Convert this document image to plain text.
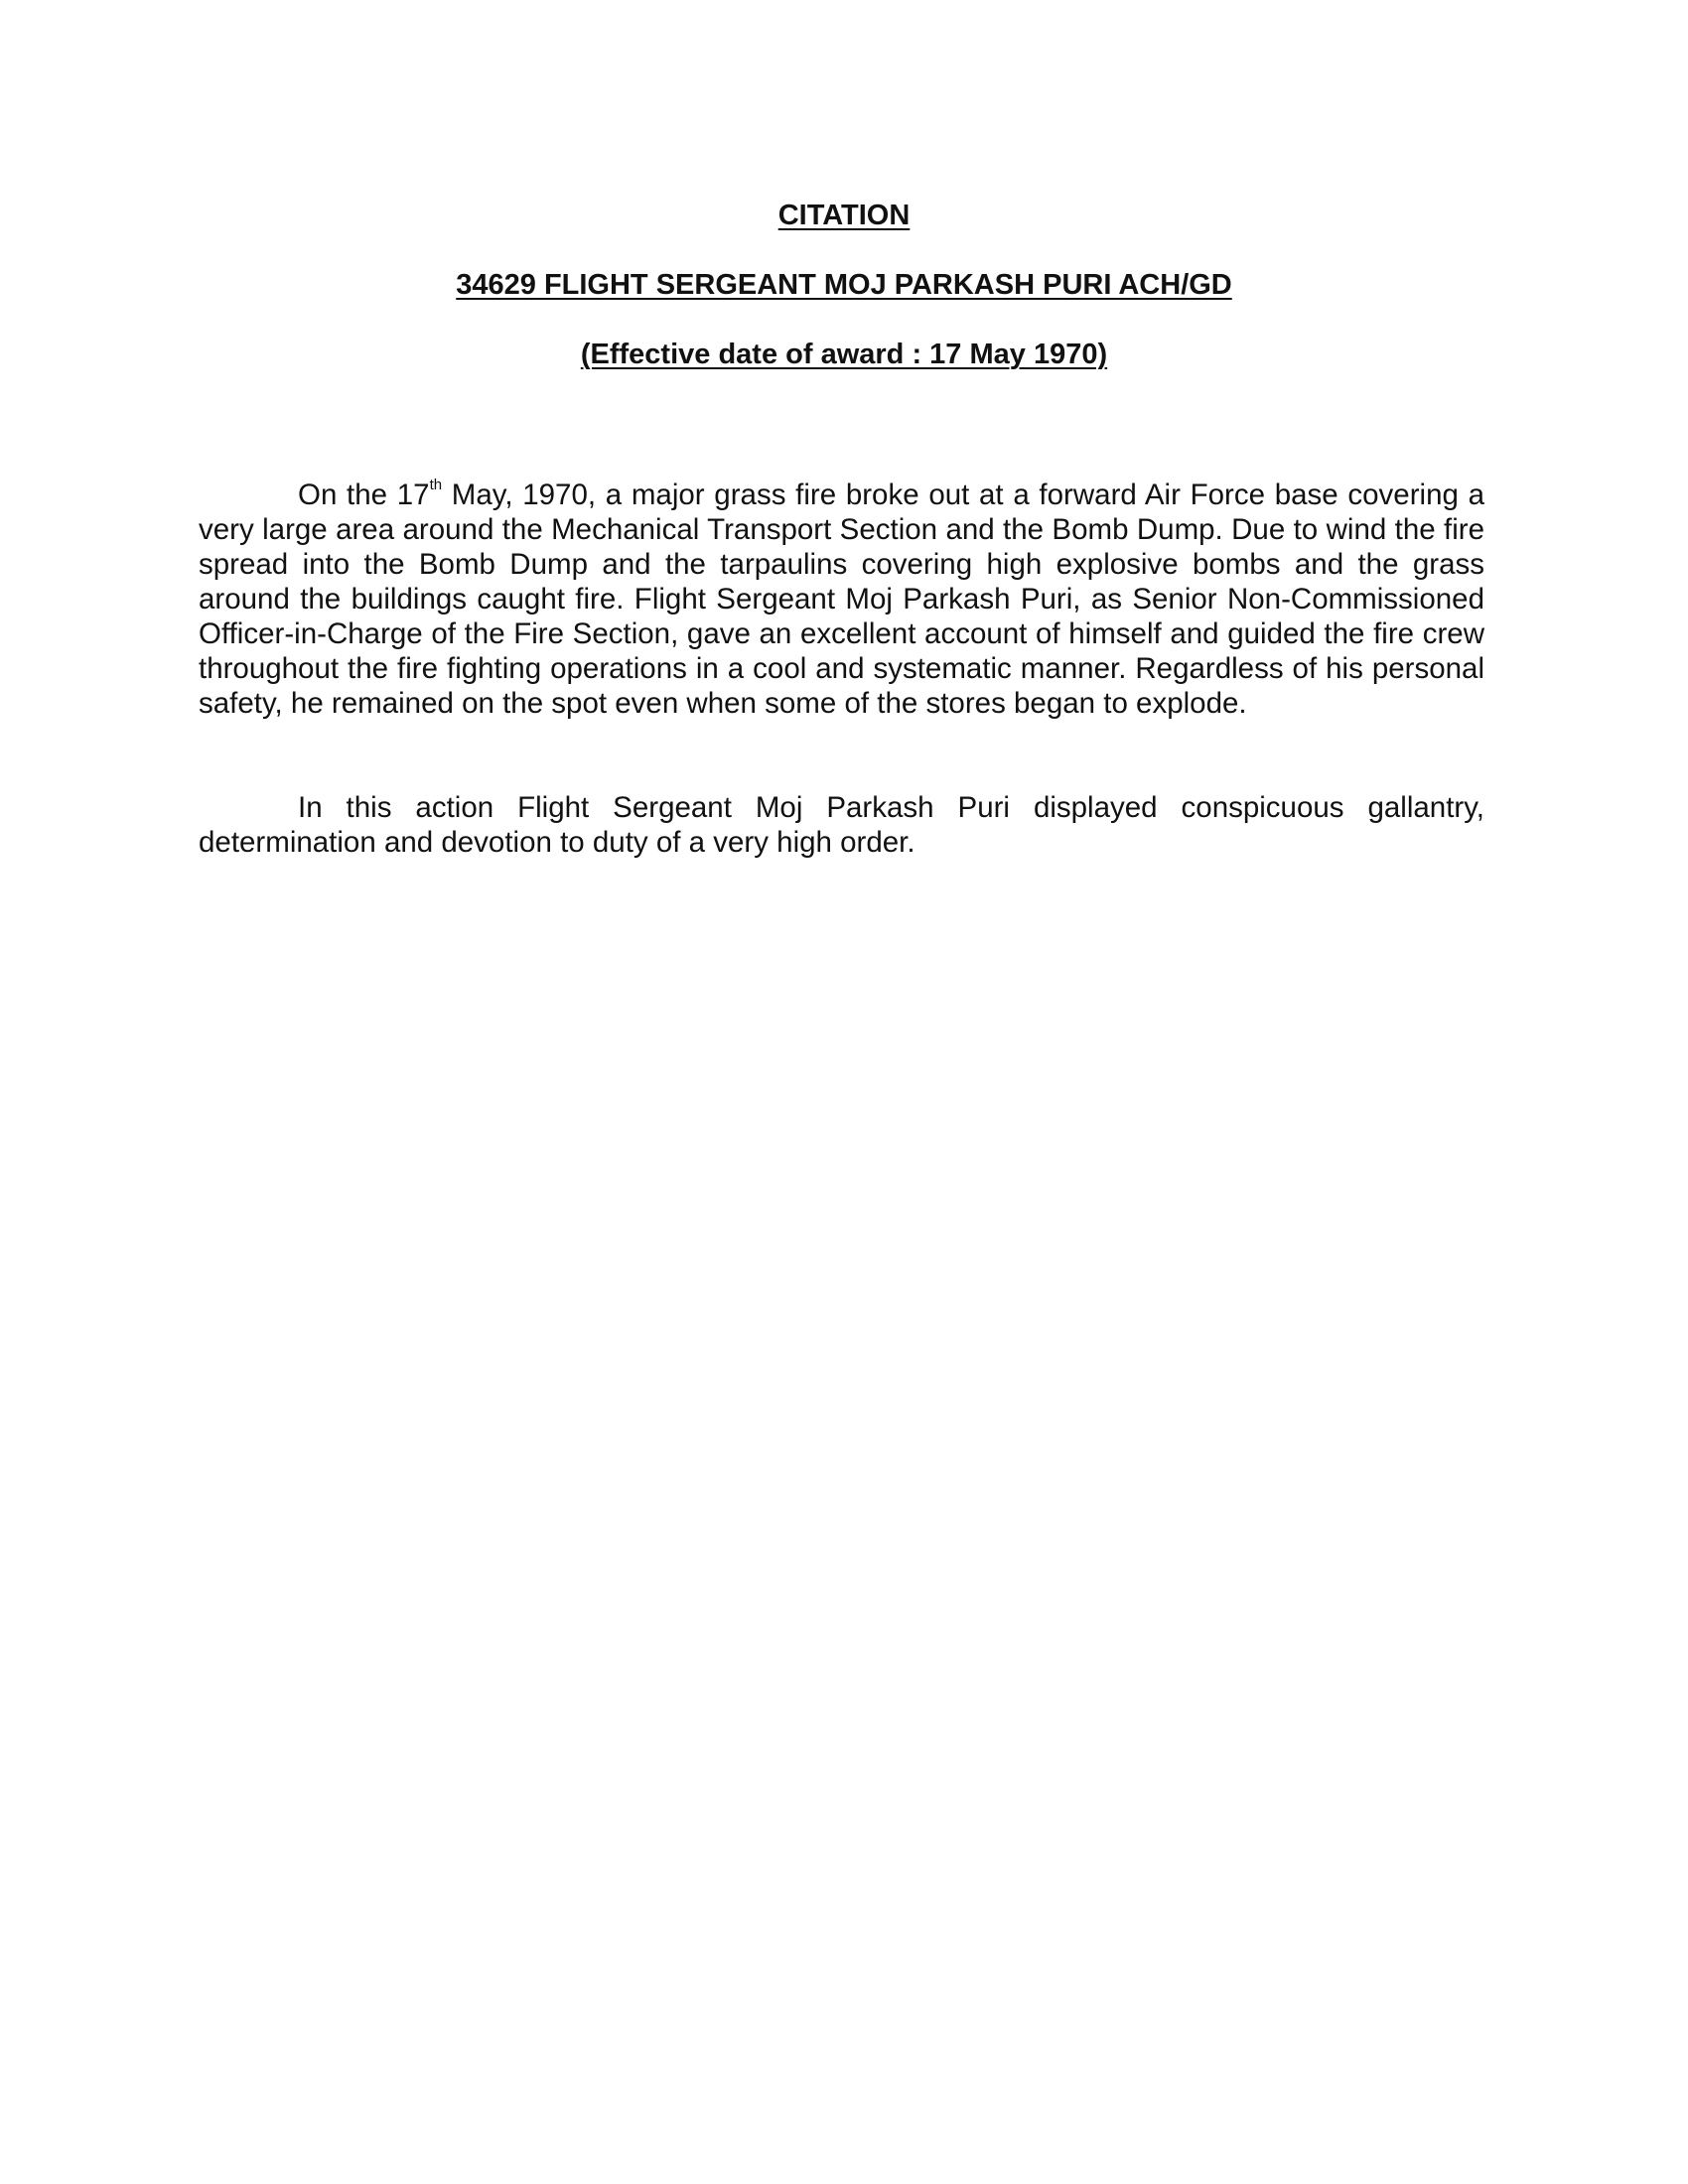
CITATION
34629 FLIGHT SERGEANT MOJ PARKASH PURI ACH/GD
(Effective date of award : 17 May 1970)

On the 17th May, 1970, a major grass fire broke out at a forward Air Force base covering a very large area around the Mechanical Transport Section and the Bomb Dump. Due to wind the fire spread into the Bomb Dump and the tarpaulins covering high explosive bombs and the grass around the buildings caught fire. Flight Sergeant Moj Parkash Puri, as Senior Non-Commissioned Officer-in-Charge of the Fire Section, gave an excellent account of himself and guided the fire crew throughout the fire fighting operations in a cool and systematic manner. Regardless of his personal safety, he remained on the spot even when some of the stores began to explode.

In this action Flight Sergeant Moj Parkash Puri displayed conspicuous gallantry, determination and devotion to duty of a very high order.
